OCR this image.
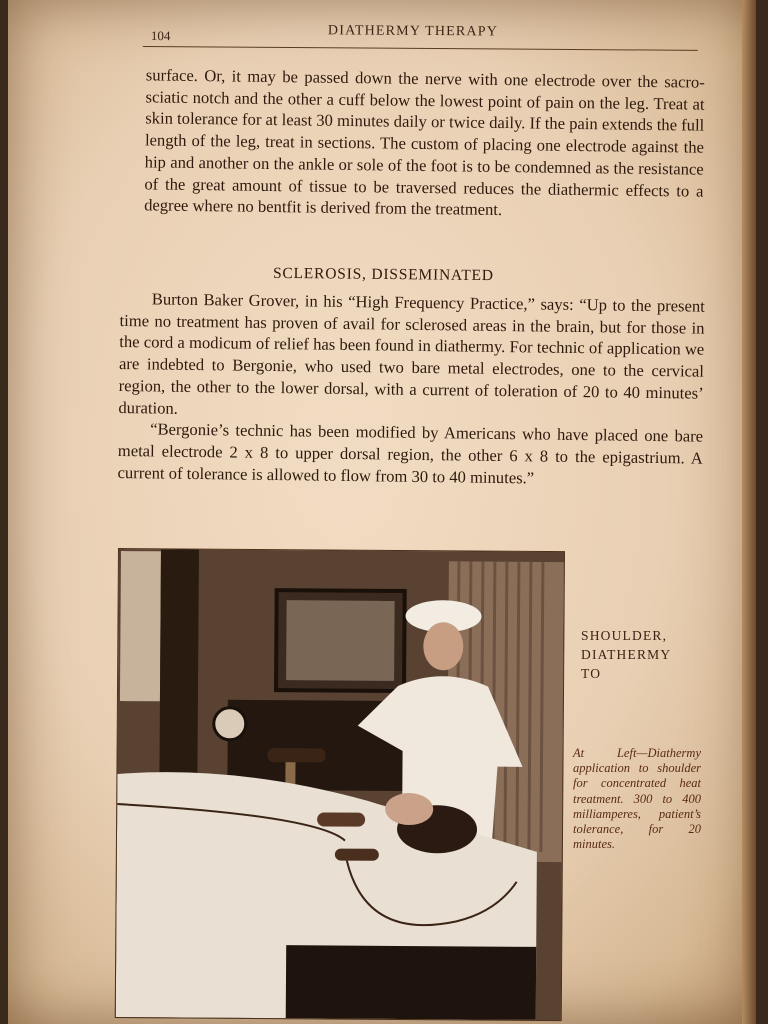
104	DIATHERMY THERAPY

surface. Or, it may be passed down the nerve with one electrode over the sacro-sciatic notch and the other a cuff below the lowest point of pain on the leg. Treat at skin tolerance for at least 30 minutes daily or twice daily. If the pain extends the full length of the leg, treat in sections. The custom of placing one electrode against the hip and another on the ankle or sole of the foot is to be condemned as the resistance of the great amount of tissue to be traversed reduces the diathermic effects to a degree where no bentfit is derived from the treatment.

SCLEROSIS, DISSEMINATED

Burton Baker Grover, in his “High Frequency Practice,” says: “Up to the present time no treatment has proven of avail for sclerosed areas in the brain, but for those in the cord a modicum of relief has been found in diathermy. For technic of application we are indebted to Bergonie, who used two bare metal electrodes, one to the cervical region, the other to the lower dorsal, with a current of toleration of 20 to 40 minutes’ duration.

“Bergonie’s technic has been modified by Americans who have placed one bare metal electrode 2 x 8 to upper dorsal region, the other 6 x 8 to the epigastrium. A current of tolerance is allowed to flow from 30 to 40 minutes.”

SHOULDER,
DIATHERMY
TO
At Left—Diathermy application to shoulder for concentrated heat treatment. 300 to 400 milliamperes, patient’s tolerance, for 20 minutes.
